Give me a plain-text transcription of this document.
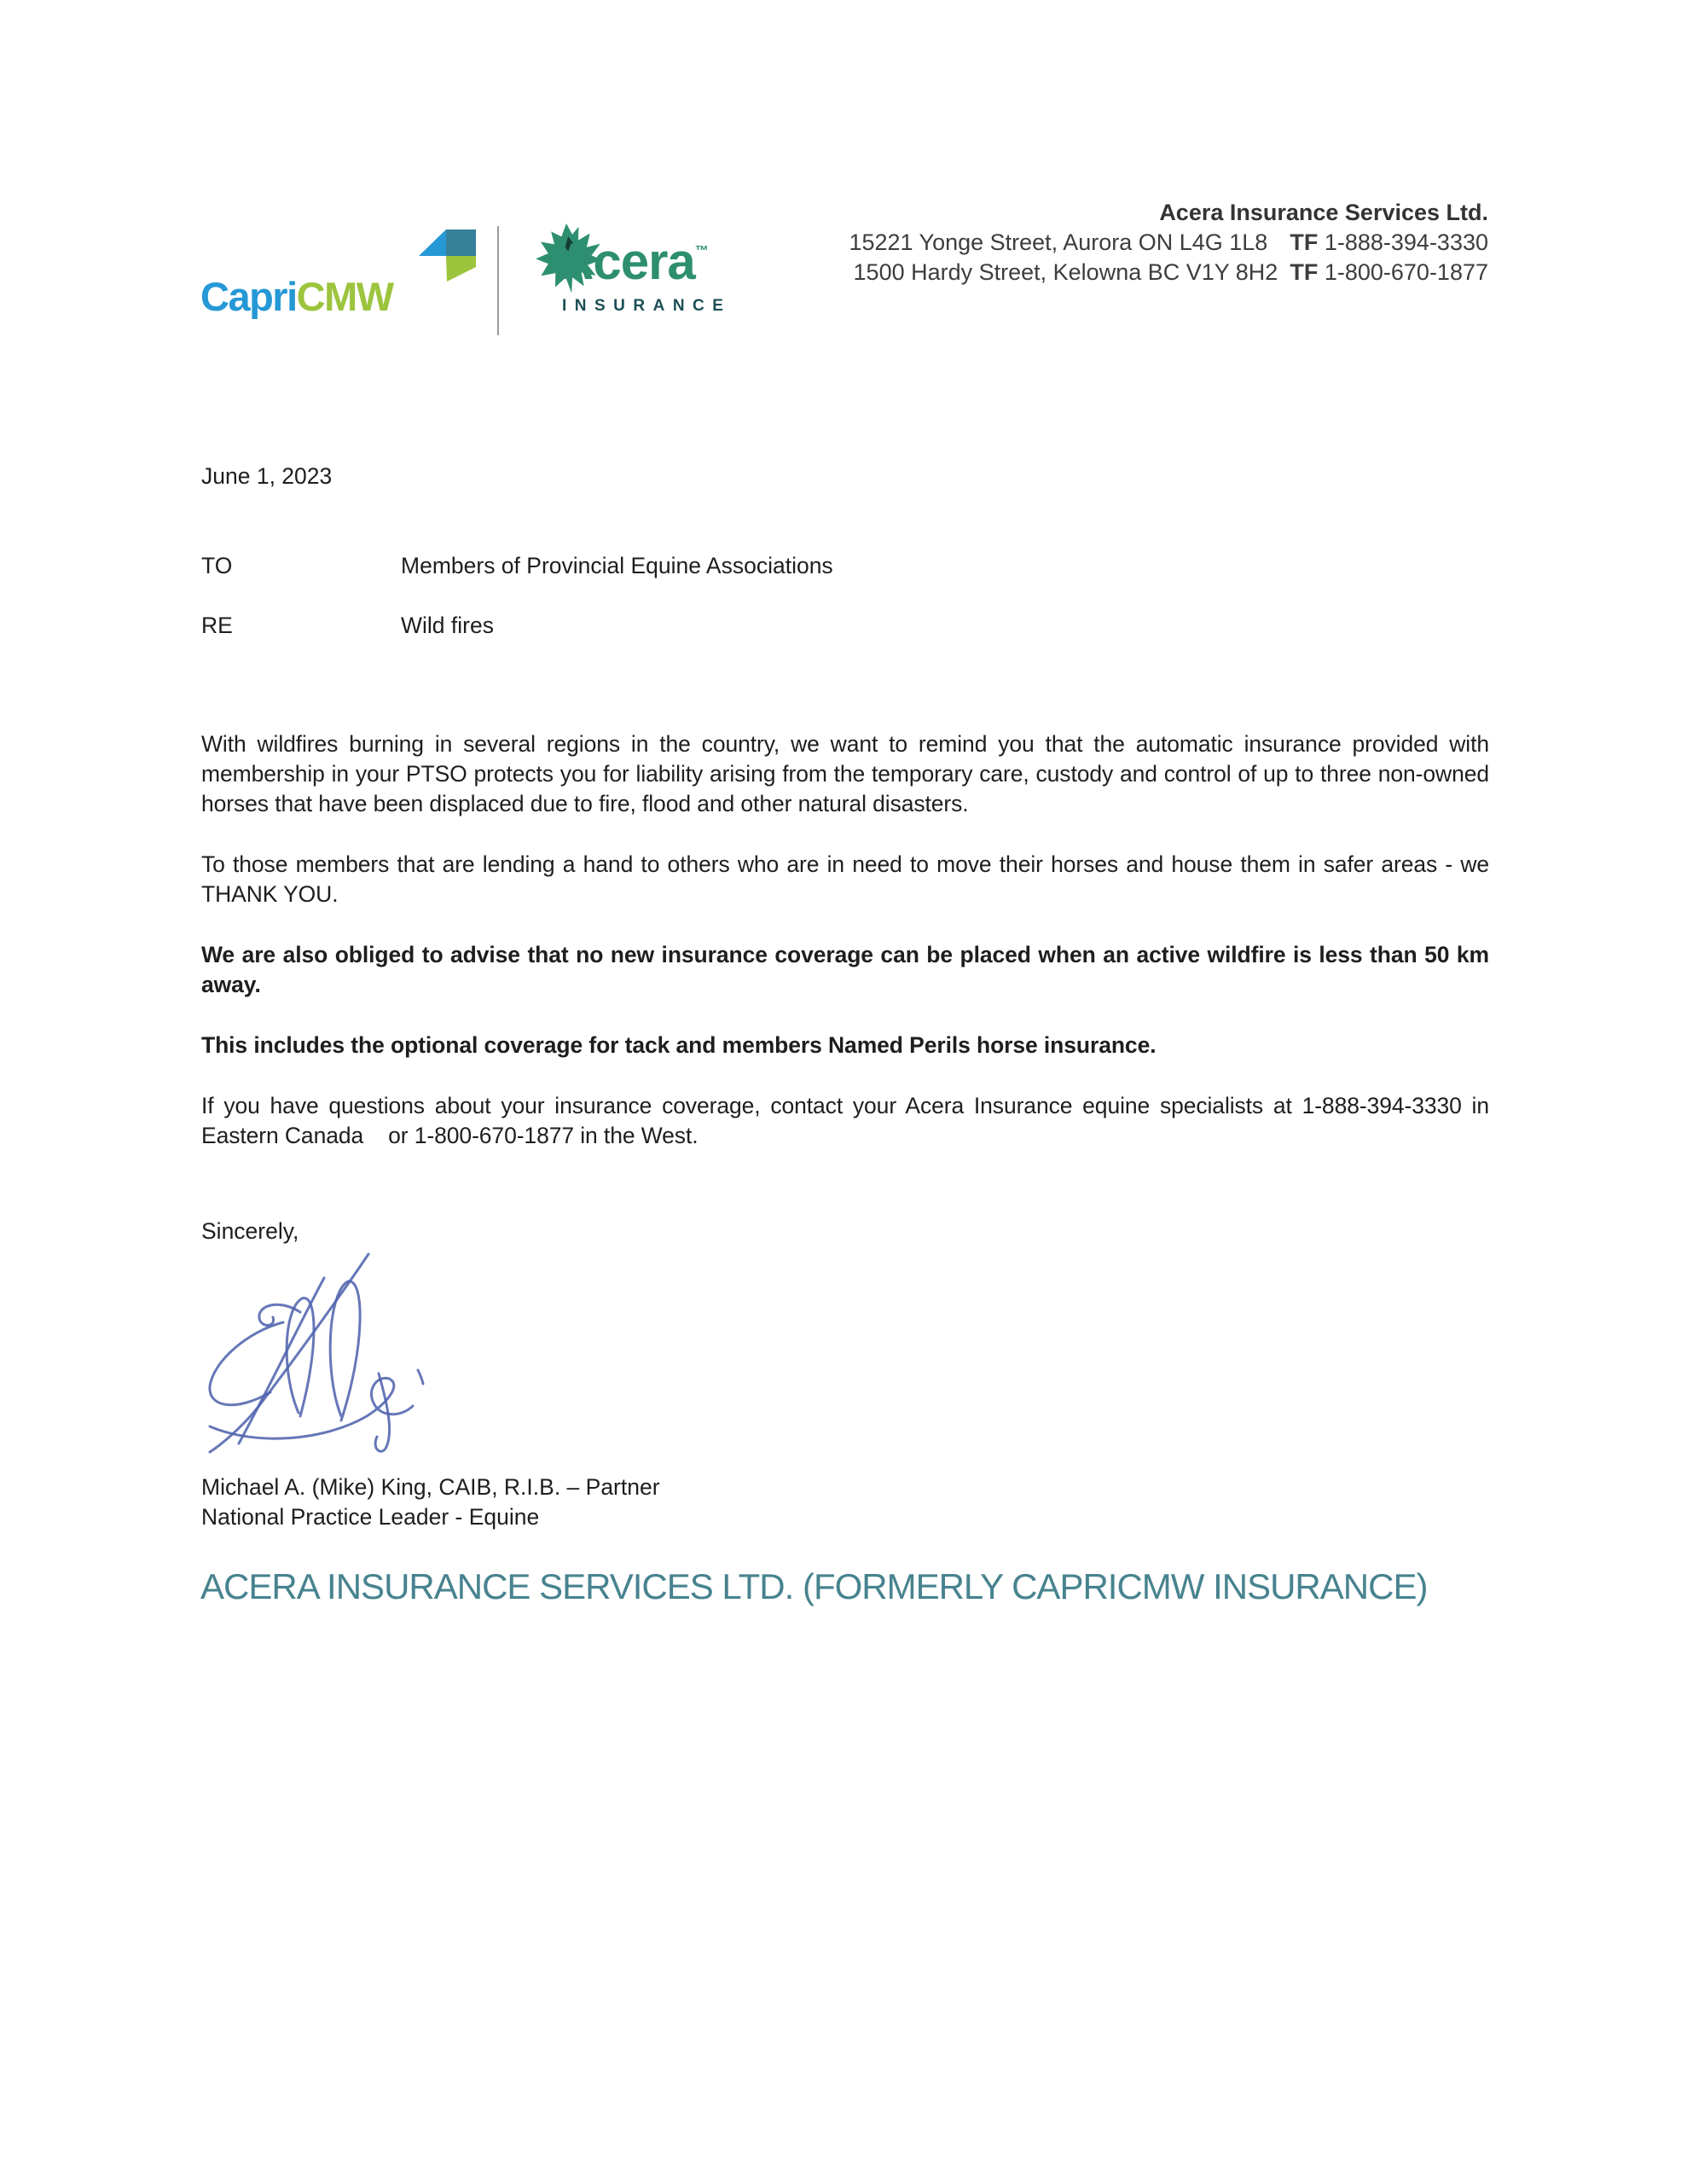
CapriCMW
Acera™
INSURANCE
Acera Insurance Services Ltd.
15221 Yonge Street, Aurora ON L4G 1L8 TF 1-888-394-3330
1500 Hardy Street, Kelowna BC V1Y 8H2 TF 1-800-670-1877
June 1, 2023
TO	Members of Provincial Equine Associations
RE	Wild fires

With wildfires burning in several regions in the country, we want to remind you that the automatic insurance provided with membership in your PTSO protects you for liability arising from the temporary care, custody and control of up to three non-owned horses that have been displaced due to fire, flood and other natural disasters.

To those members that are lending a hand to others who are in need to move their horses and house them in safer areas - we THANK YOU.

We are also obliged to advise that no new insurance coverage can be placed when an active wildfire is less than 50 km away.

This includes the optional coverage for tack and members Named Perils horse insurance.

If you have questions about your insurance coverage, contact your Acera Insurance equine specialists at 1-888-394-3330 in Eastern Canada    or 1-800-670-1877 in the West.

Sincerely,
Michael A. (Mike) King, CAIB, R.I.B. – Partner
National Practice Leader - Equine
ACERA INSURANCE SERVICES LTD. (FORMERLY CAPRICMW INSURANCE)
